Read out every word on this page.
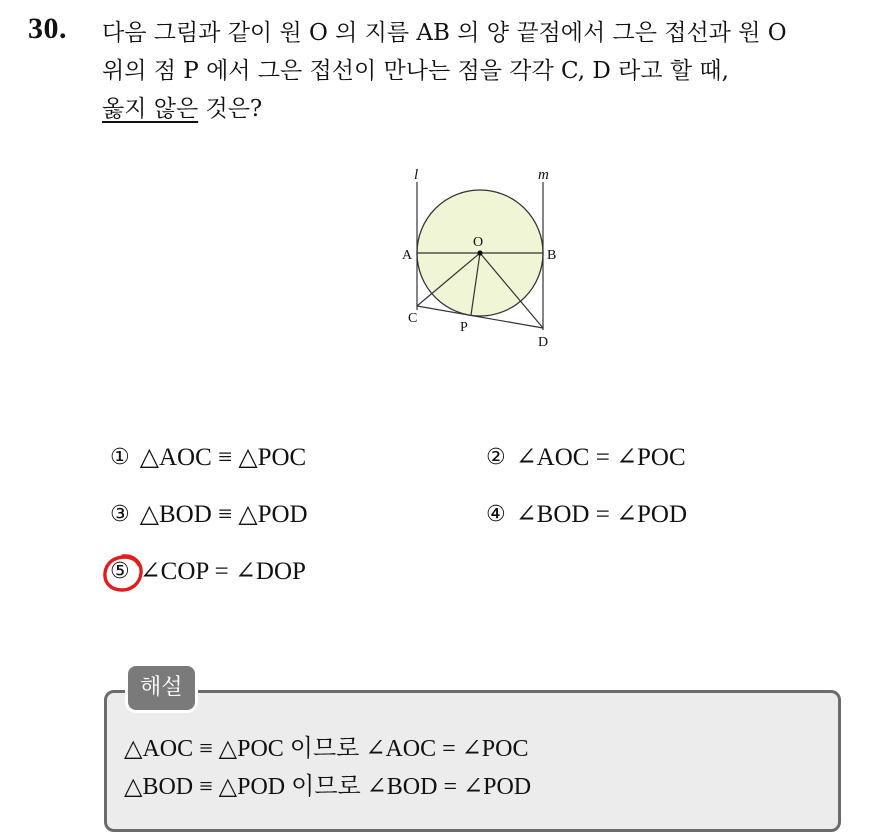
30. 다음 그림과 같이 원 O 의 지름 AB 의 양 끝점에서 그은 접선과 원 O
위의 점 P 에서 그은 접선이 만나는 점을 각각 C, D 라고 할 때,
옳지 않은 것은?
l	m
O
A	B
C
P
D
① △AOC ≡ △POC	② ∠AOC = ∠POC
③ △BOD ≡ △POD	④ ∠BOD = ∠POD
⑤ ∠COP = ∠DOP
해설
△AOC ≡ △POC 이므로 ∠AOC = ∠POC
△BOD ≡ △POD 이므로 ∠BOD = ∠POD
